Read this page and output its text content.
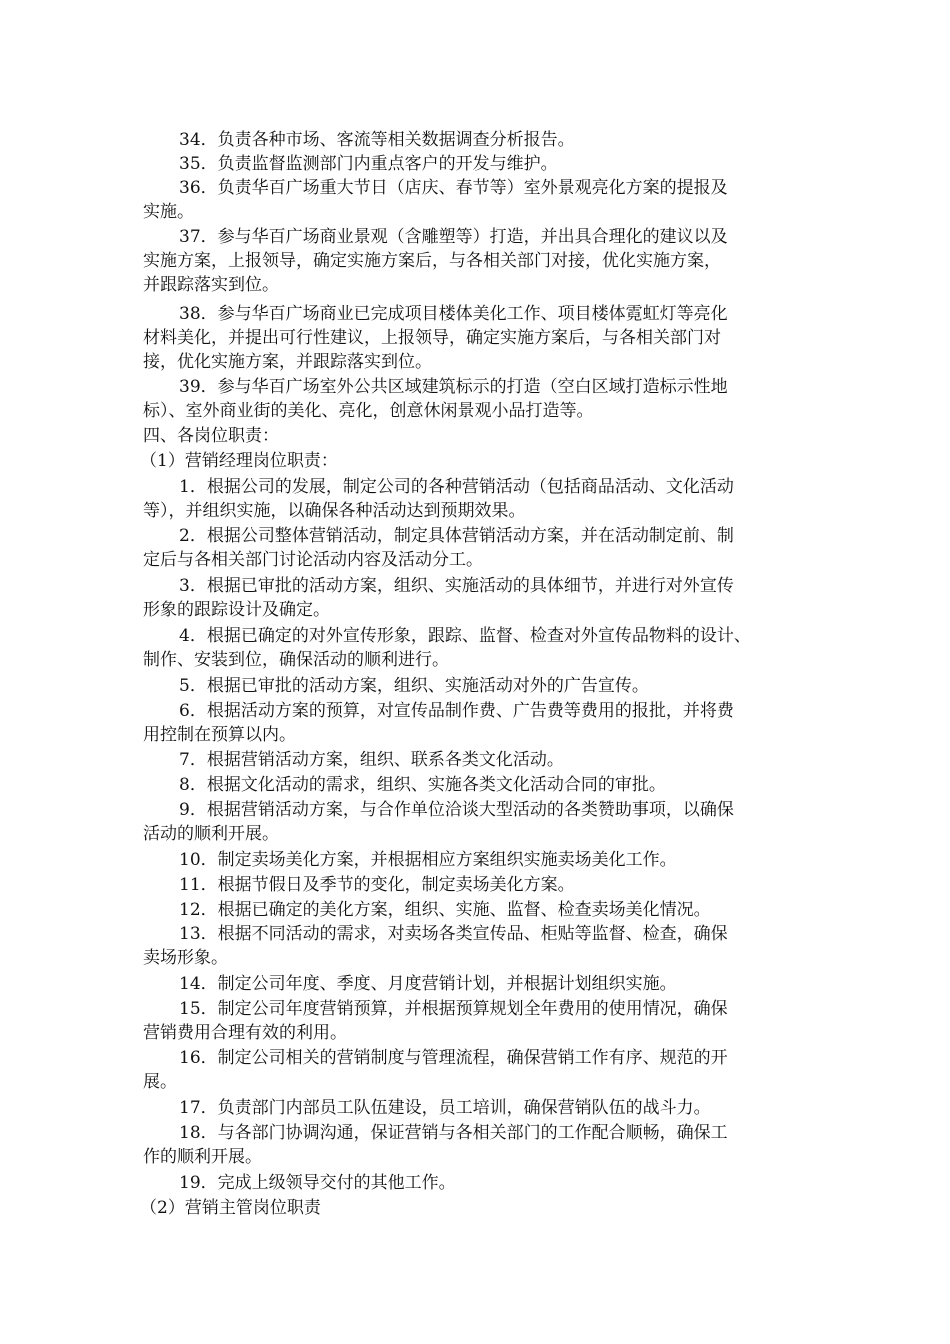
34．负责各种市场、客流等相关数据调查分析报告。
35．负责监督监测部门内重点客户的开发与维护。
36．负责华百广场重大节日（店庆、春节等）室外景观亮化方案的提报及
实施。
37．参与华百广场商业景观（含雕塑等）打造，并出具合理化的建议以及
实施方案，上报领导，确定实施方案后，与各相关部门对接，优化实施方案，
并跟踪落实到位。
38．参与华百广场商业已完成项目楼体美化工作、项目楼体霓虹灯等亮化
材料美化，并提出可行性建议，上报领导，确定实施方案后，与各相关部门对
接，优化实施方案，并跟踪落实到位。
39．参与华百广场室外公共区域建筑标示的打造（空白区域打造标示性地
标）、室外商业街的美化、亮化，创意休闲景观小品打造等。
四、各岗位职责：
（1）营销经理岗位职责：
1．根据公司的发展，制定公司的各种营销活动（包括商品活动、文化活动
等），并组织实施，以确保各种活动达到预期效果。
2．根据公司整体营销活动，制定具体营销活动方案，并在活动制定前、制
定后与各相关部门讨论活动内容及活动分工。
3．根据已审批的活动方案，组织、实施活动的具体细节，并进行对外宣传
形象的跟踪设计及确定。
4．根据已确定的对外宣传形象，跟踪、监督、检查对外宣传品物料的设计、
制作、安装到位，确保活动的顺利进行。
5．根据已审批的活动方案，组织、实施活动对外的广告宣传。
6．根据活动方案的预算，对宣传品制作费、广告费等费用的报批，并将费
用控制在预算以内。
7．根据营销活动方案，组织、联系各类文化活动。
8．根据文化活动的需求，组织、实施各类文化活动合同的审批。
9．根据营销活动方案，与合作单位洽谈大型活动的各类赞助事项，以确保
活动的顺利开展。
10．制定卖场美化方案，并根据相应方案组织实施卖场美化工作。
11．根据节假日及季节的变化，制定卖场美化方案。
12．根据已确定的美化方案，组织、实施、监督、检查卖场美化情况。
13．根据不同活动的需求，对卖场各类宣传品、柜贴等监督、检查，确保
卖场形象。
14．制定公司年度、季度、月度营销计划，并根据计划组织实施。
15．制定公司年度营销预算，并根据预算规划全年费用的使用情况，确保
营销费用合理有效的利用。
16．制定公司相关的营销制度与管理流程，确保营销工作有序、规范的开
展。
17．负责部门内部员工队伍建设，员工培训，确保营销队伍的战斗力。
18．与各部门协调沟通，保证营销与各相关部门的工作配合顺畅，确保工
作的顺利开展。
19．完成上级领导交付的其他工作。
（2）营销主管岗位职责
